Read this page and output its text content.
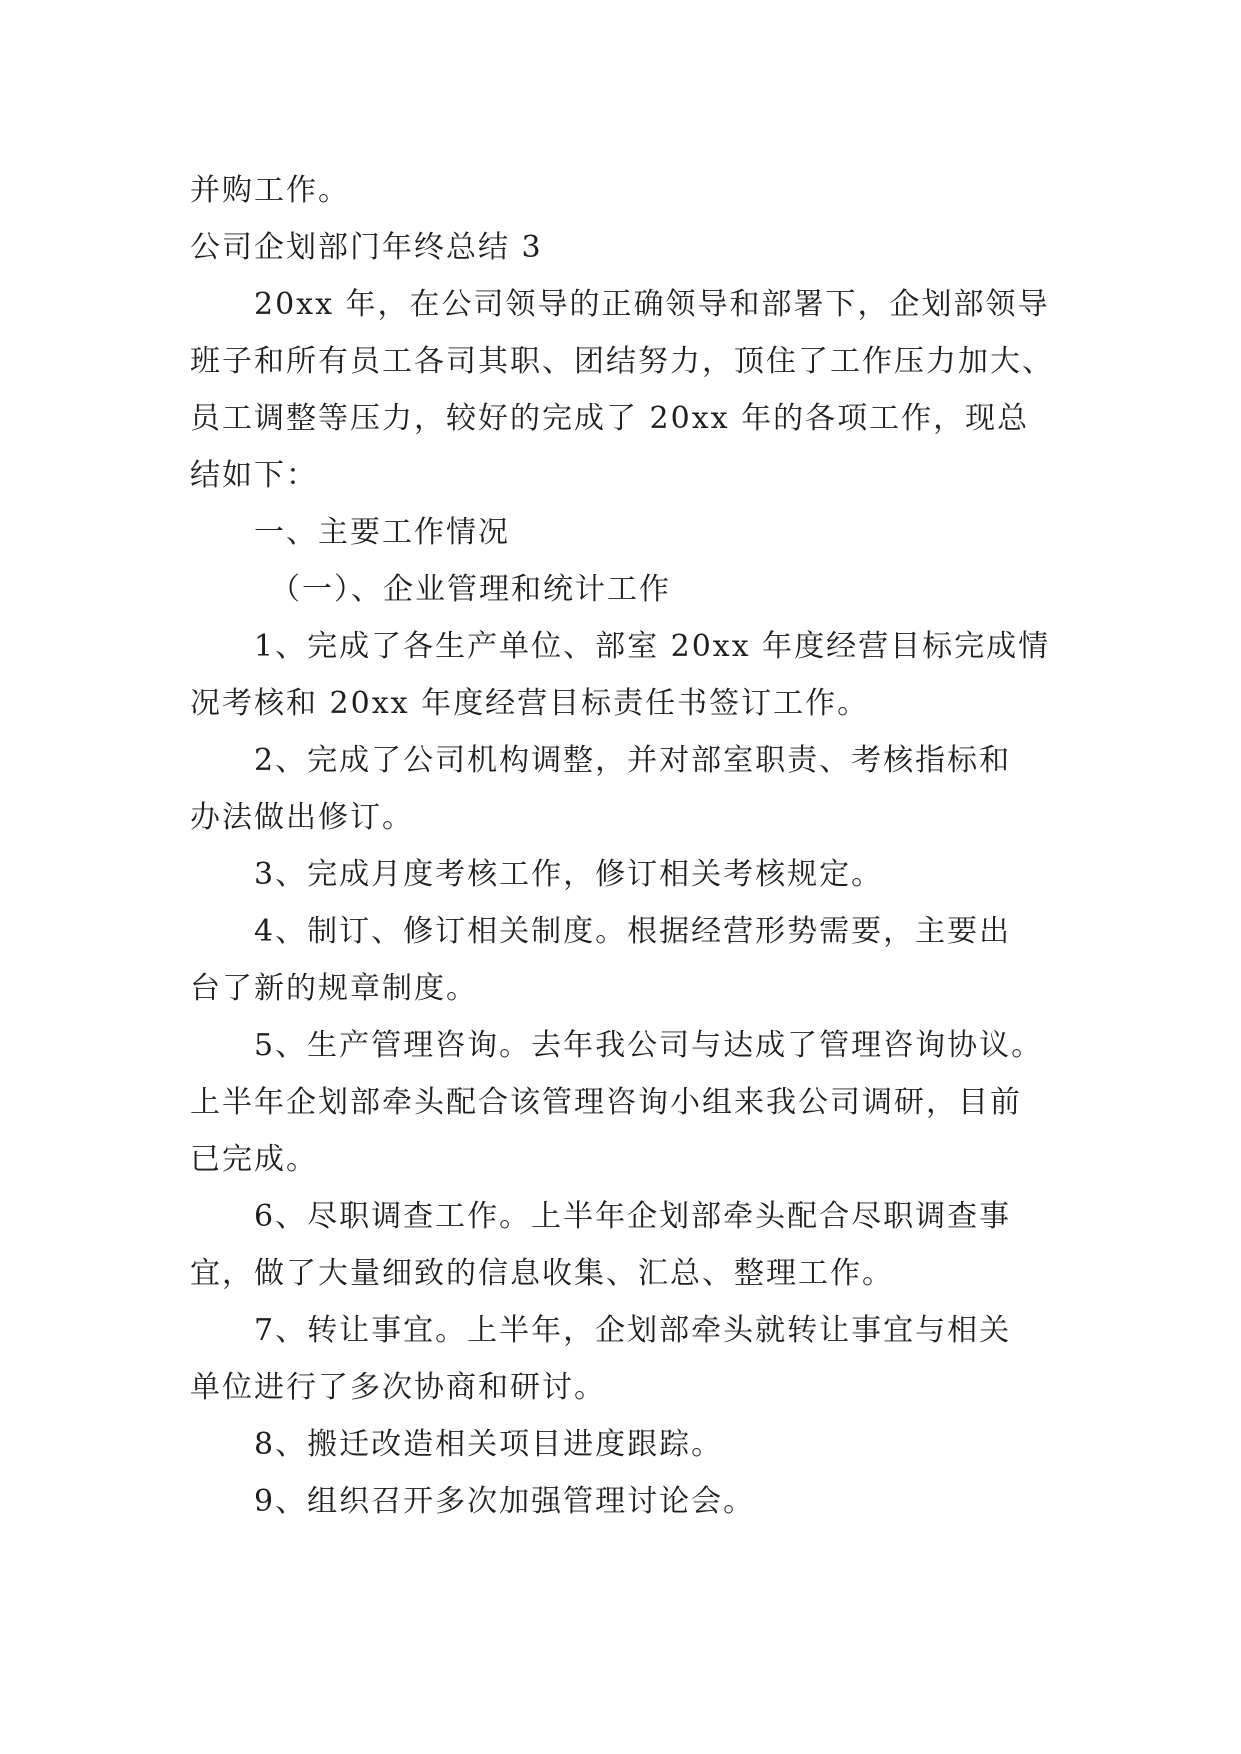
并购工作。
公司企划部门年终总结 3
20xx 年，在公司领导的正确领导和部署下，企划部领导
班子和所有员工各司其职、团结努力，顶住了工作压力加大、
员工调整等压力，较好的完成了 20xx 年的各项工作，现总
结如下：
一、主要工作情况
（一）、企业管理和统计工作
1、完成了各生产单位、部室 20xx 年度经营目标完成情
况考核和 20xx 年度经营目标责任书签订工作。
2、完成了公司机构调整，并对部室职责、考核指标和
办法做出修订。
3、完成月度考核工作，修订相关考核规定。
4、制订、修订相关制度。根据经营形势需要，主要出
台了新的规章制度。
5、生产管理咨询。去年我公司与达成了管理咨询协议。
上半年企划部牵头配合该管理咨询小组来我公司调研，目前
已完成。
6、尽职调查工作。上半年企划部牵头配合尽职调查事
宜，做了大量细致的信息收集、汇总、整理工作。
7、转让事宜。上半年，企划部牵头就转让事宜与相关
单位进行了多次协商和研讨。
8、搬迁改造相关项目进度跟踪。
9、组织召开多次加强管理讨论会。
